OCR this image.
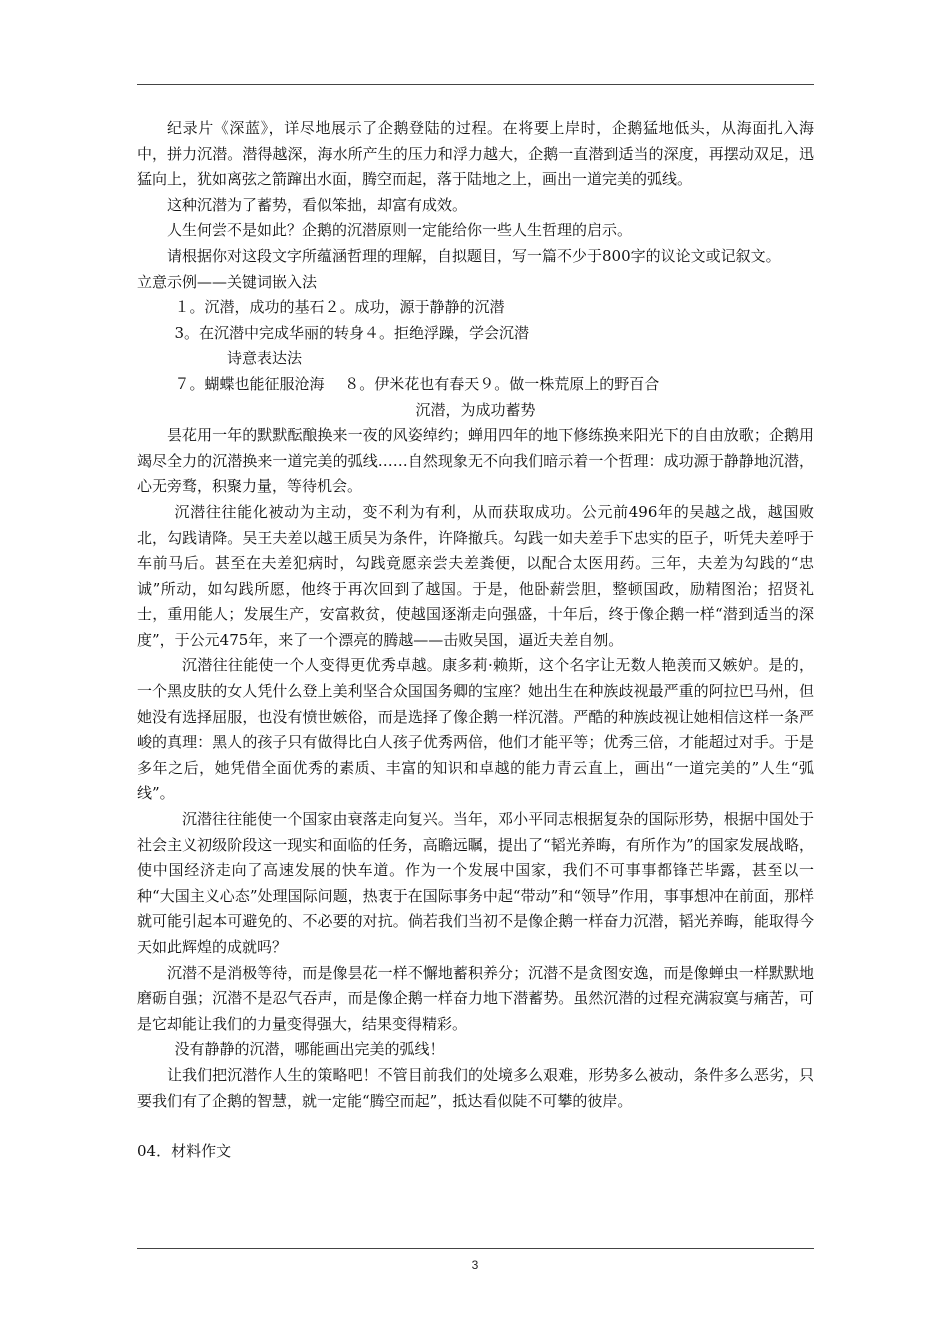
纪录片《深蓝》，详尽地展示了企鹅登陆的过程。在将要上岸时，企鹅猛地低头，从海面扎入海中，拼力沉潜。潜得越深，海水所产生的压力和浮力越大，企鹅一直潜到适当的深度，再摆动双足，迅猛向上，犹如离弦之箭蹿出水面，腾空而起，落于陆地之上，画出一道完美的弧线。

这种沉潜为了蓄势，看似笨拙，却富有成效。

人生何尝不是如此？企鹅的沉潜原则一定能给你一些人生哲理的启示。

请根据你对这段文字所蕴涵哲理的理解，自拟题目，写一篇不少于800字的议论文或记叙文。

立意示例——关键词嵌入法

１。沉潜，成功的基石２。成功，源于静静的沉潜

3。在沉潜中完成华丽的转身４。拒绝浮躁，学会沉潜

诗意表达法

７。蝴蝶也能征服沧海　 ８。伊米花也有春天９。做一株荒原上的野百合

沉潜，为成功蓄势

昙花用一年的默默酝酿换来一夜的风姿绰约；蝉用四年的地下修练换来阳光下的自由放歌；企鹅用竭尽全力的沉潜换来一道完美的弧线……自然现象无不向我们暗示着一个哲理：成功源于静静地沉潜，心无旁骛，积聚力量，等待机会。

沉潜往往能化被动为主动，变不利为有利，从而获取成功。公元前496年的吴越之战，越国败北，勾践请降。吴王夫差以越王质吴为条件，许降撤兵。勾践一如夫差手下忠实的臣子，听凭夫差呼于车前马后。甚至在夫差犯病时，勾践竟愿亲尝夫差粪便，以配合太医用药。三年，夫差为勾践的“忠诚”所动，如勾践所愿，他终于再次回到了越国。于是，他卧薪尝胆，整顿国政，励精图治；招贤礼士，重用能人；发展生产，安富救贫，使越国逐渐走向强盛，十年后，终于像企鹅一样“潜到适当的深度”，于公元475年，来了一个漂亮的腾越——击败吴国，逼近夫差自刎。

沉潜往往能使一个人变得更优秀卓越。康多莉·赖斯，这个名字让无数人艳羡而又嫉妒。是的，一个黑皮肤的女人凭什么登上美利坚合众国国务卿的宝座？她出生在种族歧视最严重的阿拉巴马州，但她没有选择屈服，也没有愤世嫉俗，而是选择了像企鹅一样沉潜。严酷的种族歧视让她相信这样一条严峻的真理：黑人的孩子只有做得比白人孩子优秀两倍，他们才能平等；优秀三倍，才能超过对手。于是多年之后，她凭借全面优秀的素质、丰富的知识和卓越的能力青云直上，画出“一道完美的”人生“弧线”。

沉潜往往能使一个国家由衰落走向复兴。当年，邓小平同志根据复杂的国际形势，根据中国处于社会主义初级阶段这一现实和面临的任务，高瞻远瞩，提出了“韬光养晦，有所作为”的国家发展战略，使中国经济走向了高速发展的快车道。作为一个发展中国家，我们不可事事都锋芒毕露，甚至以一种“大国主义心态”处理国际问题，热衷于在国际事务中起“带动”和“领导”作用，事事想冲在前面，那样就可能引起本可避免的、不必要的对抗。倘若我们当初不是像企鹅一样奋力沉潜，韬光养晦，能取得今天如此辉煌的成就吗？

沉潜不是消极等待，而是像昙花一样不懈地蓄积养分；沉潜不是贪图安逸，而是像蝉虫一样默默地磨砺自强；沉潜不是忍气吞声，而是像企鹅一样奋力地下潜蓄势。虽然沉潜的过程充满寂寞与痛苦，可是它却能让我们的力量变得强大，结果变得精彩。

没有静静的沉潜，哪能画出完美的弧线！

让我们把沉潜作人生的策略吧！不管目前我们的处境多么艰难，形势多么被动，条件多么恶劣，只要我们有了企鹅的智慧，就一定能“腾空而起”，抵达看似陡不可攀的彼岸。

04．材料作文

3
